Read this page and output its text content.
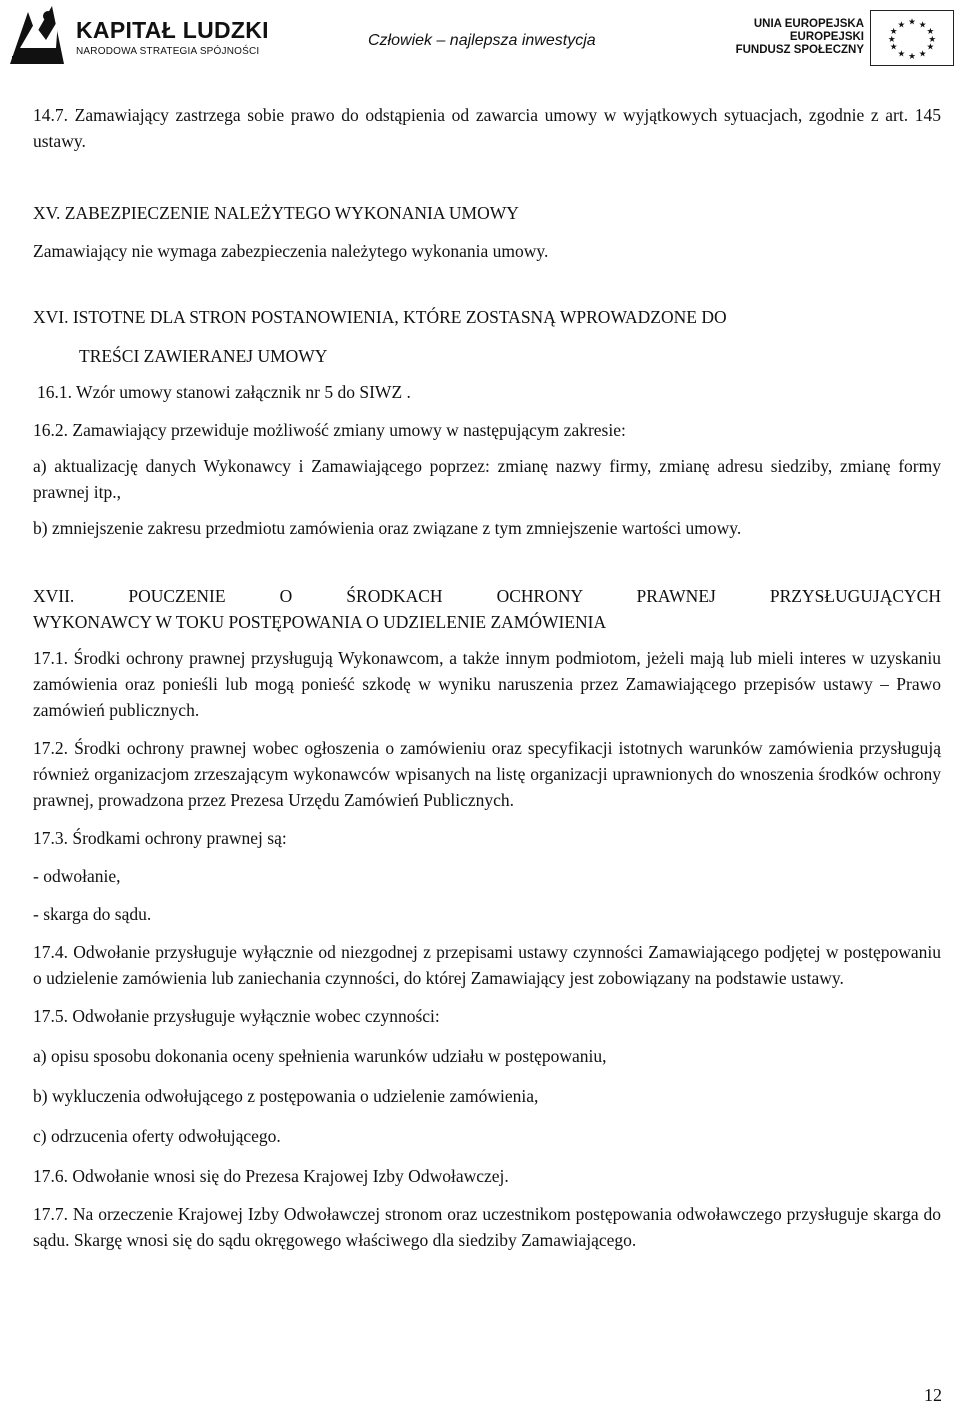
KAPITAŁ LUDZKI
NARODOWA STRATEGIA SPÓJNOŚCI
Człowiek – najlepsza inwestycja
UNIA EUROPEJSKA
EUROPEJSKI
FUNDUSZ SPOŁECZNY
★ ★
★
★
★
★
★
★
★
★
★
★

14.7. Zamawiający zastrzega sobie prawo do odstąpienia od zawarcia umowy w wyjątkowych sytuacjach, zgodnie z art. 145 ustawy.

XV. ZABEZPIECZENIE NALEŻYTEGO WYKONANIA UMOWY

Zamawiający nie wymaga zabezpieczenia należytego wykonania umowy.

XVI. ISTOTNE DLA STRON POSTANOWIENIA, KTÓRE ZOSTASNĄ WPROWADZONE DO

TREŚCI ZAWIERANEJ UMOWY

16.1. Wzór umowy stanowi załącznik nr 5 do SIWZ .

16.2. Zamawiający przewiduje możliwość zmiany umowy w następującym zakresie:

a) aktualizację danych Wykonawcy i Zamawiającego poprzez: zmianę nazwy firmy, zmianę adresu siedziby, zmianę formy prawnej itp.,

b) zmniejszenie zakresu przedmiotu zamówienia oraz związane z tym zmniejszenie wartości umowy.

XVII. POUCZENIE O ŚRODKACH OCHRONY PRAWNEJ PRZYSŁUGUJĄCYCH

WYKONAWCY W TOKU POSTĘPOWANIA O UDZIELENIE ZAMÓWIENIA

17.1. Środki ochrony prawnej przysługują Wykonawcom, a także innym podmiotom, jeżeli mają lub mieli interes w uzyskaniu zamówienia oraz ponieśli lub mogą ponieść szkodę w wyniku naruszenia przez Zamawiającego przepisów ustawy – Prawo zamówień publicznych.

17.2. Środki ochrony prawnej wobec ogłoszenia o zamówieniu oraz specyfikacji istotnych warunków zamówienia przysługują również organizacjom zrzeszającym wykonawców wpisanych na listę organizacji uprawnionych do wnoszenia środków ochrony prawnej, prowadzona przez Prezesa Urzędu Zamówień Publicznych.

17.3. Środkami ochrony prawnej są:

- odwołanie,

- skarga do sądu.

17.4. Odwołanie przysługuje wyłącznie od niezgodnej z przepisami ustawy czynności Zamawiającego podjętej w postępowaniu o udzielenie zamówienia lub zaniechania czynności, do której Zamawiający jest zobowiązany na podstawie ustawy.

17.5. Odwołanie przysługuje wyłącznie wobec czynności:

a) opisu sposobu dokonania oceny spełnienia warunków udziału w postępowaniu,

b) wykluczenia odwołującego z postępowania o udzielenie zamówienia,

c) odrzucenia oferty odwołującego.

17.6. Odwołanie wnosi się do Prezesa Krajowej Izby Odwoławczej.

17.7. Na orzeczenie Krajowej Izby Odwoławczej stronom oraz uczestnikom postępowania odwoławczego przysługuje skarga do sądu. Skargę wnosi się do sądu okręgowego właściwego dla siedziby Zamawiającego.

12
